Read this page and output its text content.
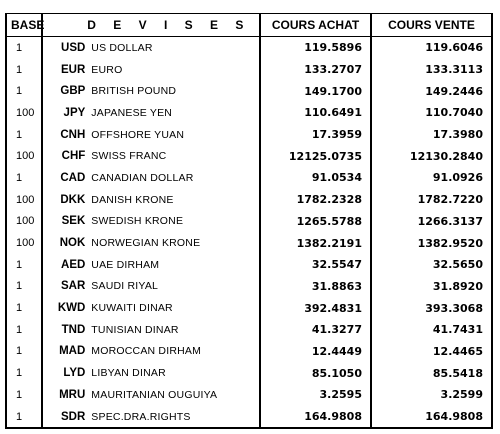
BASE	D E V I S E S	COURS ACHAT	COURS VENTE
1	USD US DOLLAR	119.5896	119.6046
1	EUR EURO	133.2707	133.3113
1	GBP BRITISH POUND	149.1700	149.2446
100	JPY JAPANESE YEN	110.6491	110.7040
1	CNH OFFSHORE YUAN	17.3959	17.3980
100	CHF SWISS FRANC	12125.0735	12130.2840
1	CAD CANADIAN DOLLAR	91.0534	91.0926
100	DKK DANISH KRONE	1782.2328	1782.7220
100	SEK SWEDISH KRONE	1265.5788	1266.3137
100	NOK NORWEGIAN KRONE	1382.2191	1382.9520
1	AED UAE DIRHAM	32.5547	32.5650
1	SAR SAUDI RIYAL	31.8863	31.8920
1	KWD KUWAITI DINAR	392.4831	393.3068
1	TND TUNISIAN DINAR	41.3277	41.7431
1	MAD MOROCCAN DIRHAM	12.4449	12.4465
1	LYD LIBYAN DINAR	85.1050	85.5418
1	MRU MAURITANIAN OUGUIYA	3.2595	3.2599
1	SDR SPEC.DRA.RIGHTS	164.9808	164.9808
